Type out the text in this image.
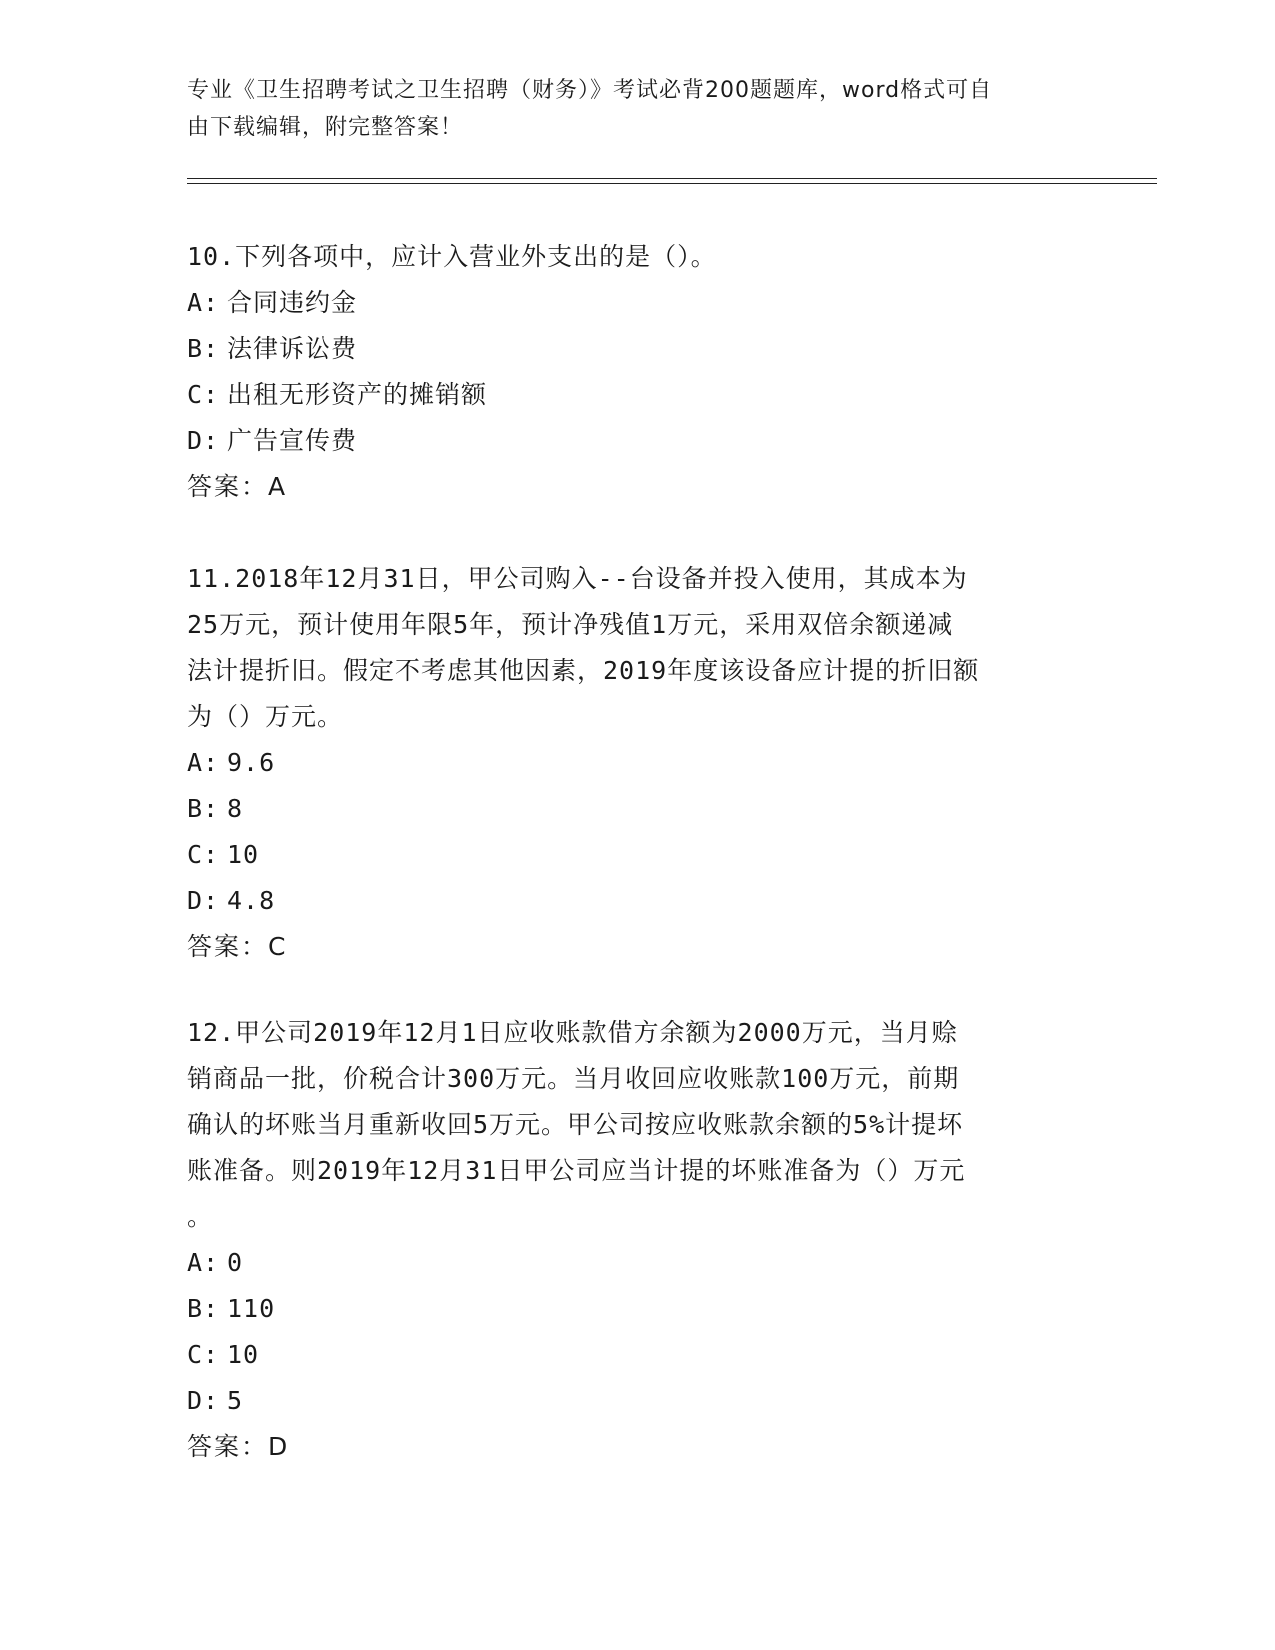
专业《卫生招聘考试之卫生招聘（财务）》考试必背200题题库，word格式可自
由下载编辑，附完整答案！
10.下列各项中，应计入营业外支出的是（）。
A: 合同违约金
B: 法律诉讼费
C: 出租无形资产的摊销额
D: 广告宣传费
答案：A
11.2018年12月31日，甲公司购入--台设备并投入使用，其成本为
25万元，预计使用年限5年，预计净残值1万元，采用双倍余额递减
法计提折旧。假定不考虑其他因素，2019年度该设备应计提的折旧额
为（）万元。
A: 9.6
B: 8
C: 10
D: 4.8
答案：C
12.甲公司2019年12月1日应收账款借方余额为2000万元，当月赊
销商品一批，价税合计300万元。当月收回应收账款100万元，前期
确认的坏账当月重新收回5万元。甲公司按应收账款余额的5%计提坏
账准备。则2019年12月31日甲公司应当计提的坏账准备为（）万元
。
A: 0
B: 110
C: 10
D: 5
答案：D
